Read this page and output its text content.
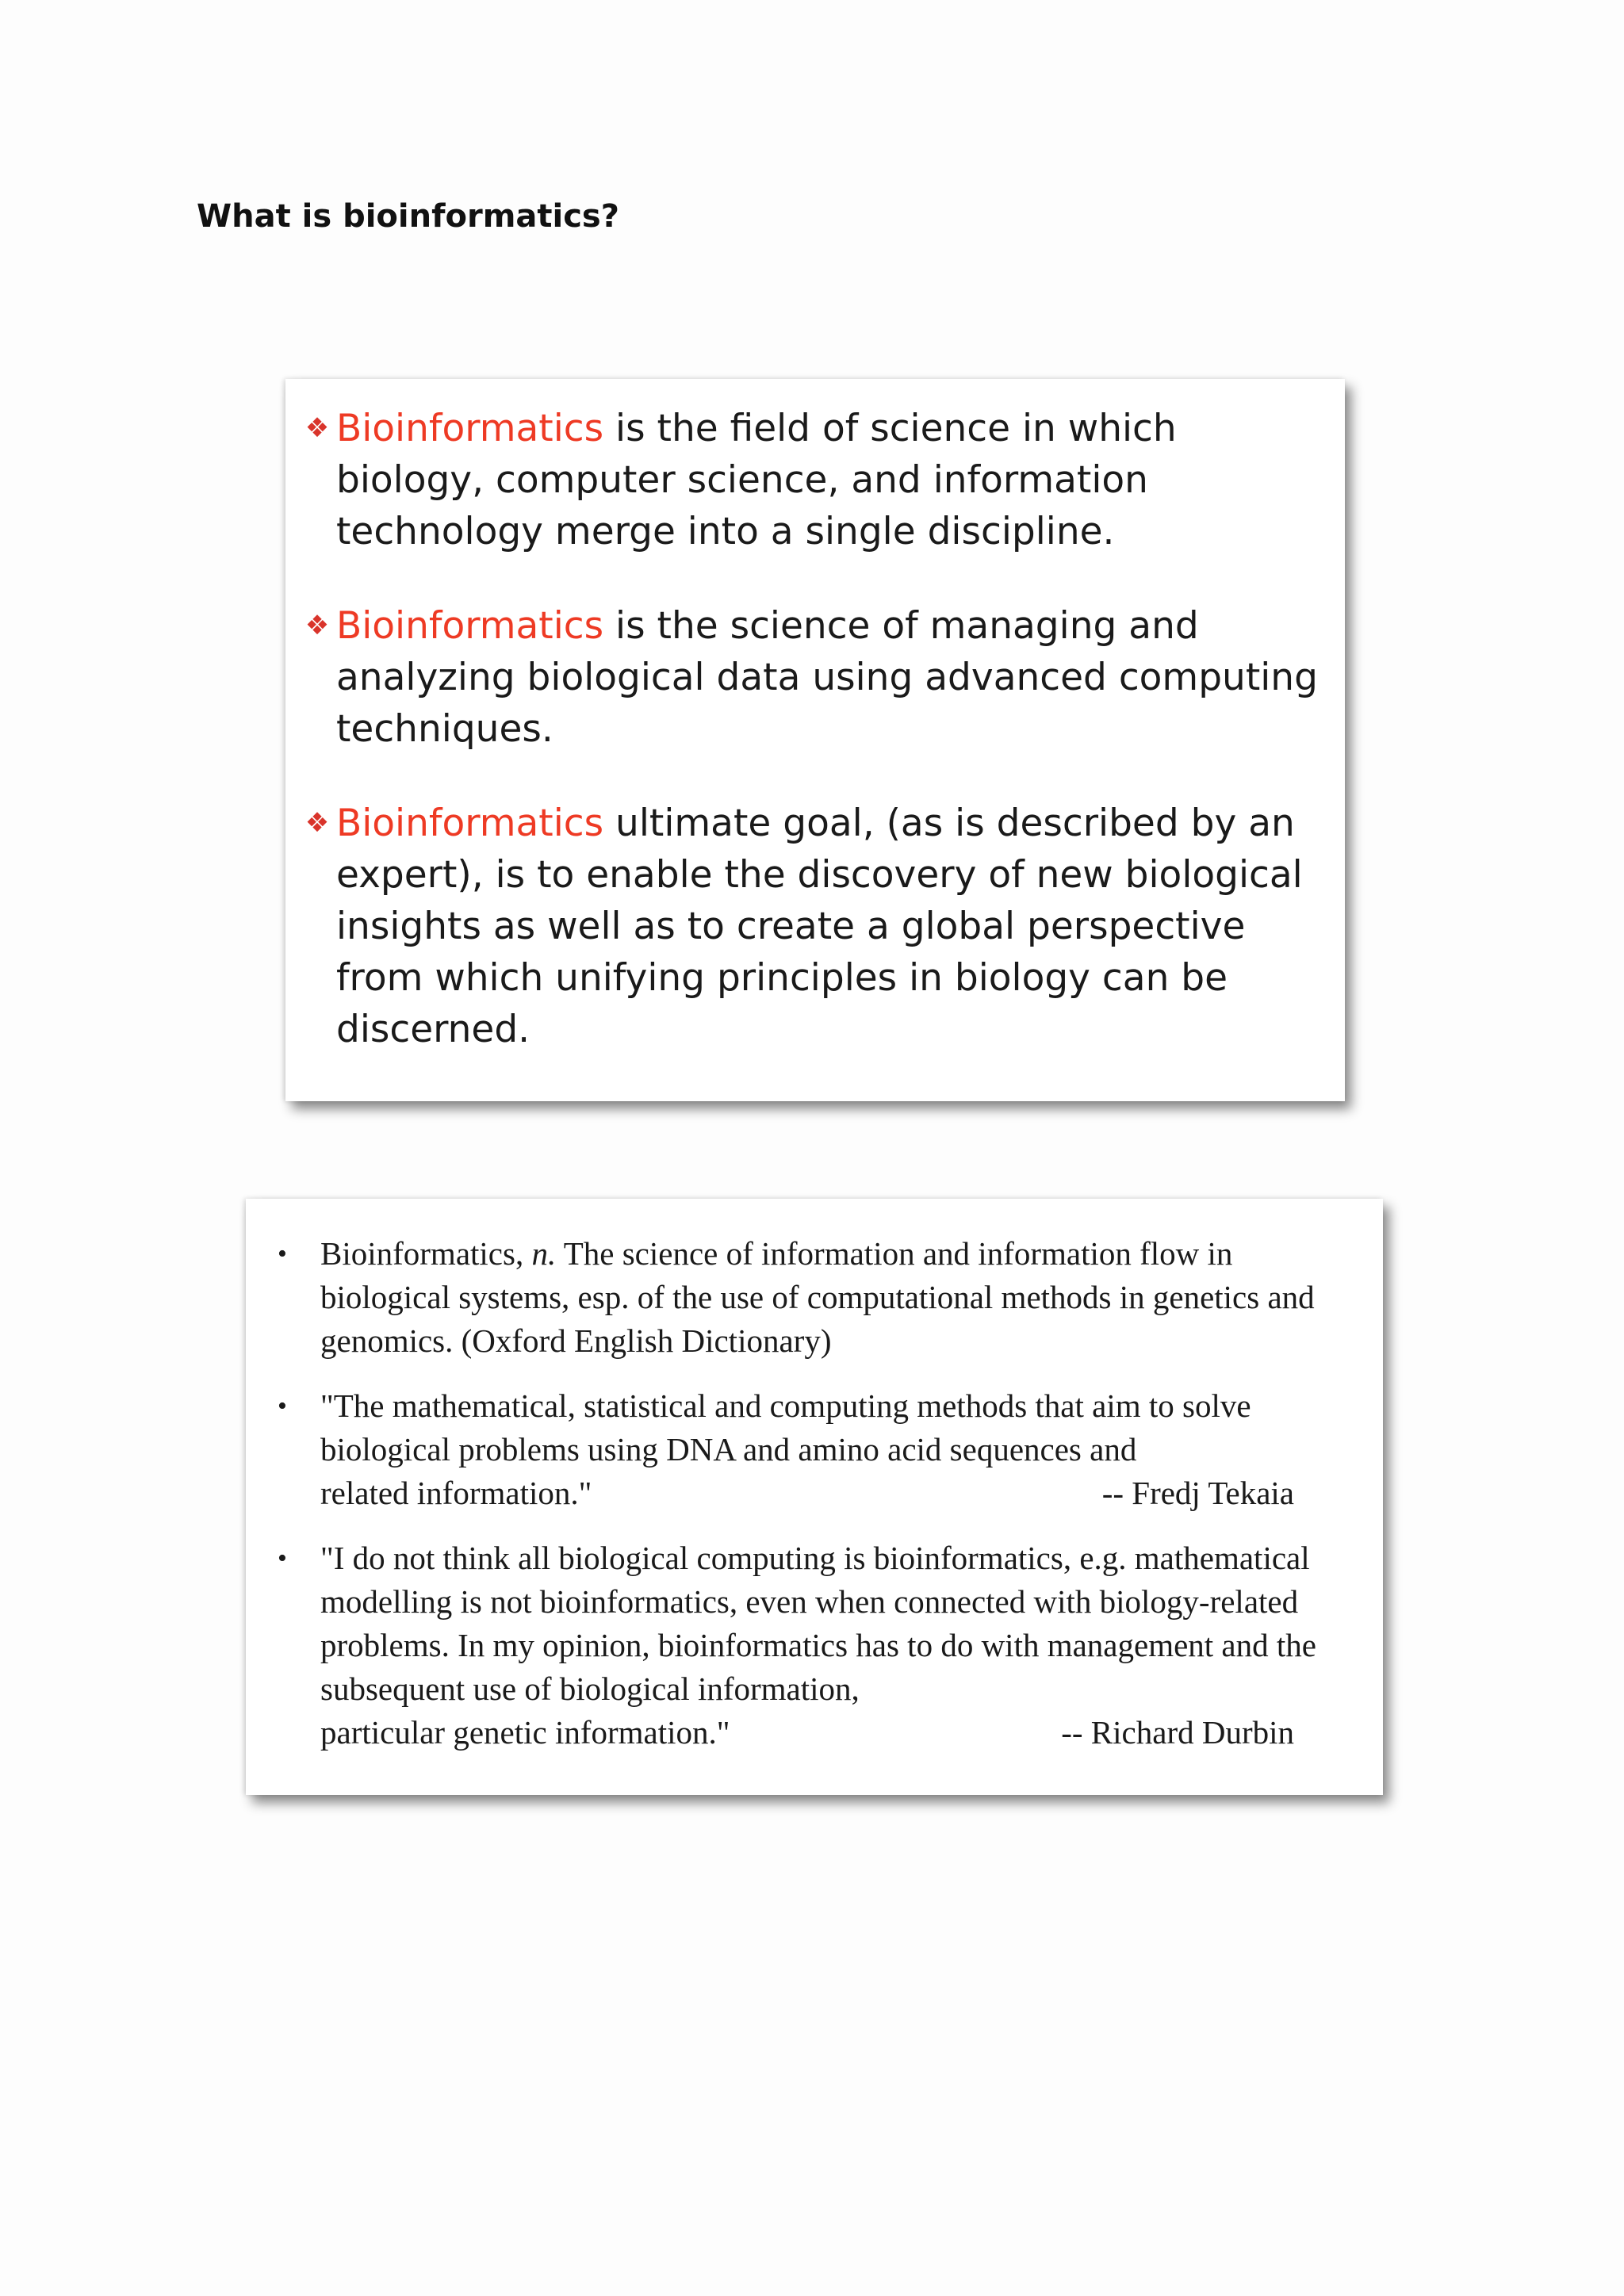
What is bioinformatics?
❖ Bioinformatics is the field of science in which biology, computer science, and information technology merge into a single discipline.
❖ Bioinformatics is the science of managing and analyzing biological data using advanced computing techniques.
❖ Bioinformatics ultimate goal, (as is described by an expert), is to enable the discovery of new biological insights as well as to create a global perspective from which unifying principles in biology can be discerned.
•	Bioinformatics, n. The science of information and information flow in biological systems, esp. of the use of computational methods in genetics and genomics. (Oxford English Dictionary)
•	"The mathematical, statistical and computing methods that aim to solve biological problems using DNA and amino acid sequences and
related information."	-- Fredj Tekaia
•	"I do not think all biological computing is bioinformatics, e.g. mathematical modelling is not bioinformatics, even when connected with biology-related problems. In my opinion, bioinformatics has to do with management and the subsequent use of biological information,
particular genetic information."	-- Richard Durbin
